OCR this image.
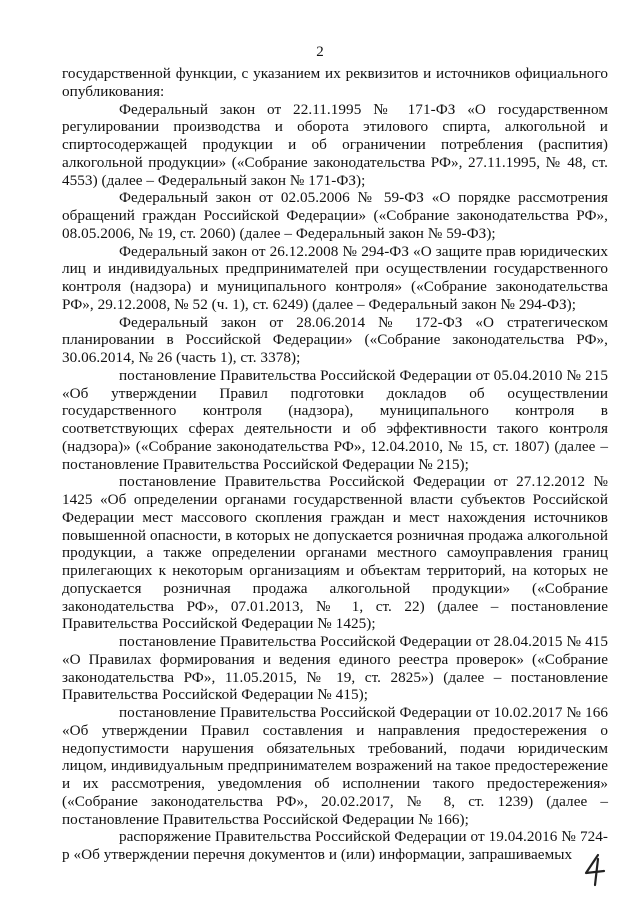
2

государственной функции, с указанием их реквизитов и источников официального опубликования:

Федеральный закон от 22.11.1995 № 171-ФЗ «О государственном регулировании производства и оборота этилового спирта, алкогольной и спиртосодержащей продукции и об ограничении потребления (распития) алкогольной продукции» («Собрание законодательства РФ», 27.11.1995, № 48, ст. 4553) (далее – Федеральный закон № 171-ФЗ);

Федеральный закон от 02.05.2006 № 59-ФЗ «О порядке рассмотрения обращений граждан Российской Федерации» («Собрание законодательства РФ», 08.05.2006, № 19, ст. 2060) (далее – Федеральный закон № 59-ФЗ);

Федеральный закон от 26.12.2008 № 294-ФЗ «О защите прав юридических лиц и индивидуальных предпринимателей при осуществлении государственного контроля (надзора) и муниципального контроля» («Собрание законодательства РФ», 29.12.2008, № 52 (ч. 1), ст. 6249) (далее – Федеральный закон № 294-ФЗ);

Федеральный закон от 28.06.2014 № 172-ФЗ «О стратегическом планировании в Российской Федерации» («Собрание законодательства РФ», 30.06.2014, № 26 (часть 1), ст. 3378);

постановление Правительства Российской Федерации от 05.04.2010 № 215 «Об утверждении Правил подготовки докладов об осуществлении государственного контроля (надзора), муниципального контроля в соответствующих сферах деятельности и об эффективности такого контроля (надзора)» («Собрание законодательства РФ», 12.04.2010, № 15, ст. 1807) (далее – постановление Правительства Российской Федерации № 215);

постановление Правительства Российской Федерации от 27.12.2012 № 1425 «Об определении органами государственной власти субъектов Российской Федерации мест массового скопления граждан и мест нахождения источников повышенной опасности, в которых не допускается розничная продажа алкогольной продукции, а также определении органами местного самоуправления границ прилегающих к некоторым организациям и объектам территорий, на которых не допускается розничная продажа алкогольной продукции» («Собрание законодательства РФ», 07.01.2013, № 1, ст. 22) (далее – постановление Правительства Российской Федерации № 1425);

постановление Правительства Российской Федерации от 28.04.2015 № 415 «О Правилах формирования и ведения единого реестра проверок» («Собрание законодательства РФ», 11.05.2015, № 19, ст. 2825») (далее – постановление Правительства Российской Федерации № 415);

постановление Правительства Российской Федерации от 10.02.2017 № 166 «Об утверждении Правил составления и направления предостережения о недопустимости нарушения обязательных требований, подачи юридическим лицом, индивидуальным предпринимателем возражений на такое предостережение и их рассмотрения, уведомления об исполнении такого предостережения» («Собрание законодательства РФ», 20.02.2017, № 8, ст. 1239) (далее – постановление Правительства Российской Федерации № 166);

распоряжение Правительства Российской Федерации от 19.04.2016 № 724-р «Об утверждении перечня документов и (или) информации, запрашиваемых
